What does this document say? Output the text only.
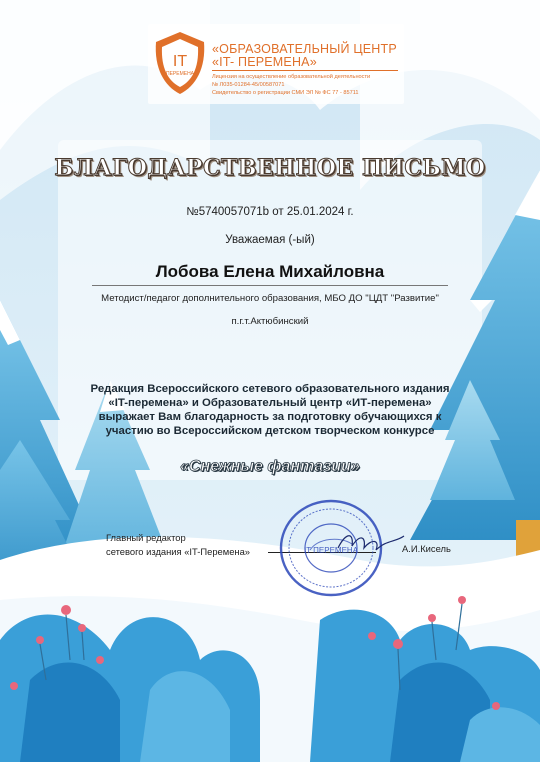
IT
ПЕРЕМЕНА
«ОБРАЗОВАТЕЛЬНЫЙ ЦЕНТР
«IT- ПЕРЕМЕНА»
Лицензия на осуществление образовательной деятельности
№ Л035-01284-45/00587071
Свидетельство о регистрации СМИ ЭЛ № ФС 77 - 85711
БЛАГОДАРСТВЕННОЕ ПИСЬМО
№5740057071b от 25.01.2024 г.
Уважаемая (-ый)
Лобова Елена Михайловна
Методист/педагог дополнительного образования, МБО ДО "ЦДТ "Развитие"
п.г.т.Актюбинский
Редакция Всероссийского сетевого образовательного издания
«IT-перемена» и Образовательный центр «ИТ-перемена»
выражает Вам благодарность за подготовку обучающихся к
участию во Всероссийском детском творческом конкурсе
«Снежные фантазии»
Главный редактор
сетевого издания «IT-Перемена»	IT ПЕРЕМЕНА	А.И.Кисель
